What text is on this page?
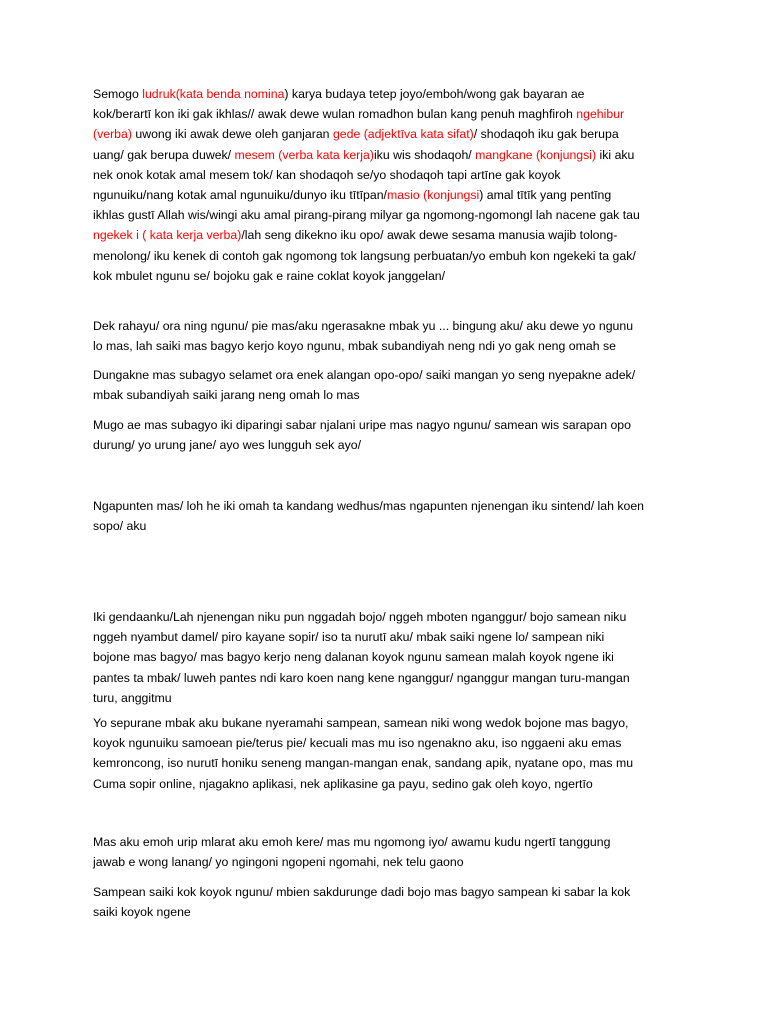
Semogo ludruk(kata benda nomina) karya budaya tetep joyo/emboh/wong gak bayaran ae
kok/berartī kon iki gak ikhlas// awak dewe wulan romadhon bulan kang penuh maghfiroh ngehibur
(verba) uwong iki awak dewe oleh ganjaran gede (adjektīva kata sifat)/ shodaqoh iku gak berupa
uang/ gak berupa duwek/ mesem (verba kata kerja)iku wis shodaqoh/ mangkane (konjungsi) iki aku
nek onok kotak amal mesem tok/ kan shodaqoh se/yo shodaqoh tapi artīne gak koyok
ngunuiku/nang kotak amal ngunuiku/dunyo iku tītīpan/masio (konjungsi) amal tītīk yang pentīng
ikhlas gustī Allah wis/wingi aku amal pirang-pirang milyar ga ngomong-ngomongl lah nacene gak tau
ngekek i ( kata kerja verba)/lah seng dikekno iku opo/ awak dewe sesama manusia wajib tolong-
menolong/ iku kenek di contoh gak ngomong tok langsung perbuatan/yo embuh kon ngekeki ta gak/
kok mbulet ngunu se/ bojoku gak e raine coklat koyok janggelan/
Dek rahayu/ ora ning ngunu/ pie mas/aku ngerasakne mbak yu ... bingung aku/ aku dewe yo ngunu
lo mas, lah saiki mas bagyo kerjo koyo ngunu, mbak subandiyah neng ndi yo gak neng omah se
Dungakne mas subagyo selamet ora enek alangan opo-opo/ saiki mangan yo seng nyepakne adek/
mbak subandiyah saiki jarang neng omah lo mas
Mugo ae mas subagyo iki diparingi sabar njalani uripe mas nagyo ngunu/ samean wis sarapan opo
durung/ yo urung jane/ ayo wes lungguh sek ayo/
Ngapunten mas/ loh he iki omah ta kandang wedhus/mas ngapunten njenengan iku sintend/ lah koen
sopo/ aku
Iki gendaanku/Lah njenengan niku pun nggadah bojo/ nggeh mboten nganggur/ bojo samean niku
nggeh nyambut damel/ piro kayane sopir/ iso ta nurutī aku/ mbak saiki ngene lo/ sampean niki
bojone mas bagyo/ mas bagyo kerjo neng dalanan koyok ngunu samean malah koyok ngene iki
pantes ta mbak/ luweh pantes ndi karo koen nang kene nganggur/ nganggur mangan turu-mangan
turu, anggitmu
Yo sepurane mbak aku bukane nyeramahi sampean, samean niki wong wedok bojone mas bagyo,
koyok ngunuiku samoean pie/terus pie/ kecuali mas mu iso ngenakno aku, iso nggaeni aku emas
kemroncong, iso nurutī honiku seneng mangan-mangan enak, sandang apik, nyatane opo, mas mu
Cuma sopir online, njagakno aplikasi, nek aplikasine ga payu, sedino gak oleh koyo, ngertīo
Mas aku emoh urip mlarat aku emoh kere/ mas mu ngomong iyo/ awamu kudu ngertī tanggung
jawab e wong lanang/ yo ngingoni ngopeni ngomahi, nek telu gaono
Sampean saiki kok koyok ngunu/ mbien sakdurunge dadi bojo mas bagyo sampean ki sabar la kok
saiki koyok ngene
